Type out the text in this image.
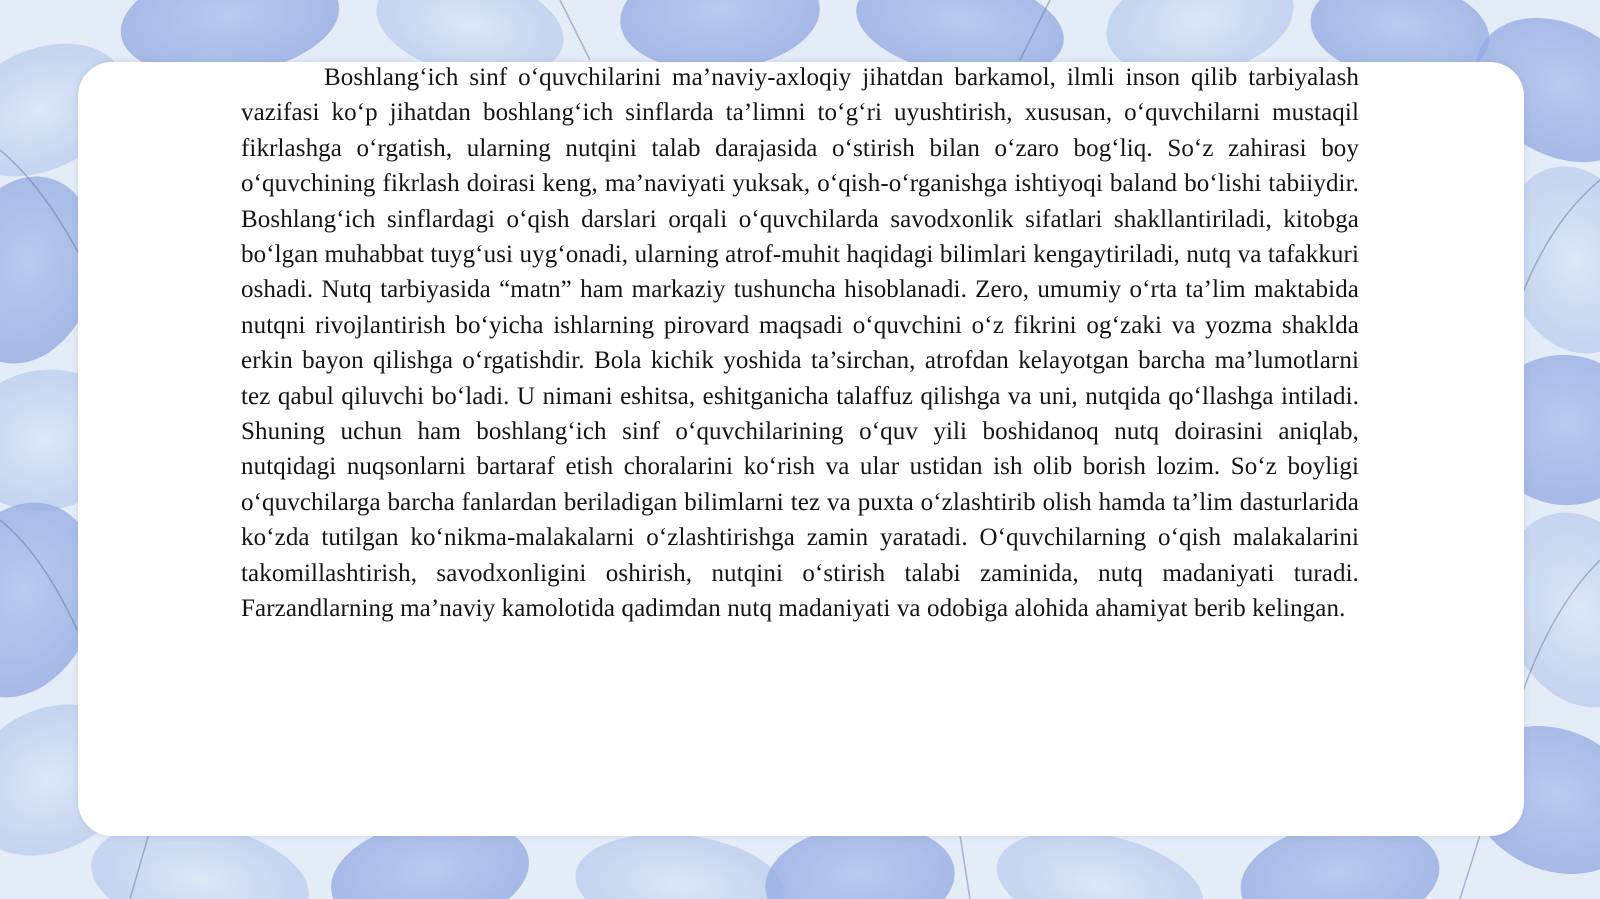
Boshlang‘ich sinf o‘quvchilarini ma’naviy-axloqiy jihatdan barkamol, ilmli inson qilib tarbiyalash vazifasi ko‘p jihatdan boshlang‘ich sinflarda ta’limni to‘g‘ri uyushtirish, xususan, o‘quvchilarni mustaqil fikrlashga o‘rgatish, ularning nutqini talab darajasida o‘stirish bilan o‘zaro bog‘liq. So‘z zahirasi boy o‘quvchining fikrlash doirasi keng, ma’naviyati yuksak, o‘qish-o‘rganishga ishtiyoqi baland bo‘lishi tabiiydir. Boshlang‘ich sinflardagi o‘qish darslari orqali o‘quvchilarda savodxonlik sifatlari shakllantiriladi, kitobga bo‘lgan muhabbat tuyg‘usi uyg‘onadi, ularning atrof-muhit haqidagi bilimlari kengaytiriladi, nutq va tafakkuri oshadi. Nutq tarbiyasida “matn” ham markaziy tushuncha hisoblanadi. Zero, umumiy o‘rta ta’lim maktabida nutqni rivojlantirish bo‘yicha ishlarning pirovard maqsadi o‘quvchini o‘z fikrini og‘zaki va yozma shaklda erkin bayon qilishga o‘rgatishdir. Bola kichik yoshida ta’sirchan, atrofdan kelayotgan barcha ma’lumotlarni tez qabul qiluvchi bo‘ladi. U nimani eshitsa, eshitganicha talaffuz qilishga va uni, nutqida qo‘llashga intiladi. Shuning uchun ham boshlang‘ich sinf o‘quvchilarining o‘quv yili boshidanoq nutq doirasini aniqlab, nutqidagi nuqsonlarni bartaraf etish choralarini ko‘rish va ular ustidan ish olib borish lozim. So‘z boyligi o‘quvchilarga barcha fanlardan beriladigan bilimlarni tez va puxta o‘zlashtirib olish hamda ta’lim dasturlarida ko‘zda tutilgan ko‘nikma-malakalarni o‘zlashtirishga zamin yaratadi. O‘quvchilarning o‘qish malakalarini takomillashtirish, savodxonligini oshirish, nutqini o‘stirish talabi zaminida, nutq madaniyati turadi. Farzandlarning ma’naviy kamolotida qadimdan nutq madaniyati va odobiga alohida ahamiyat berib kelingan.
